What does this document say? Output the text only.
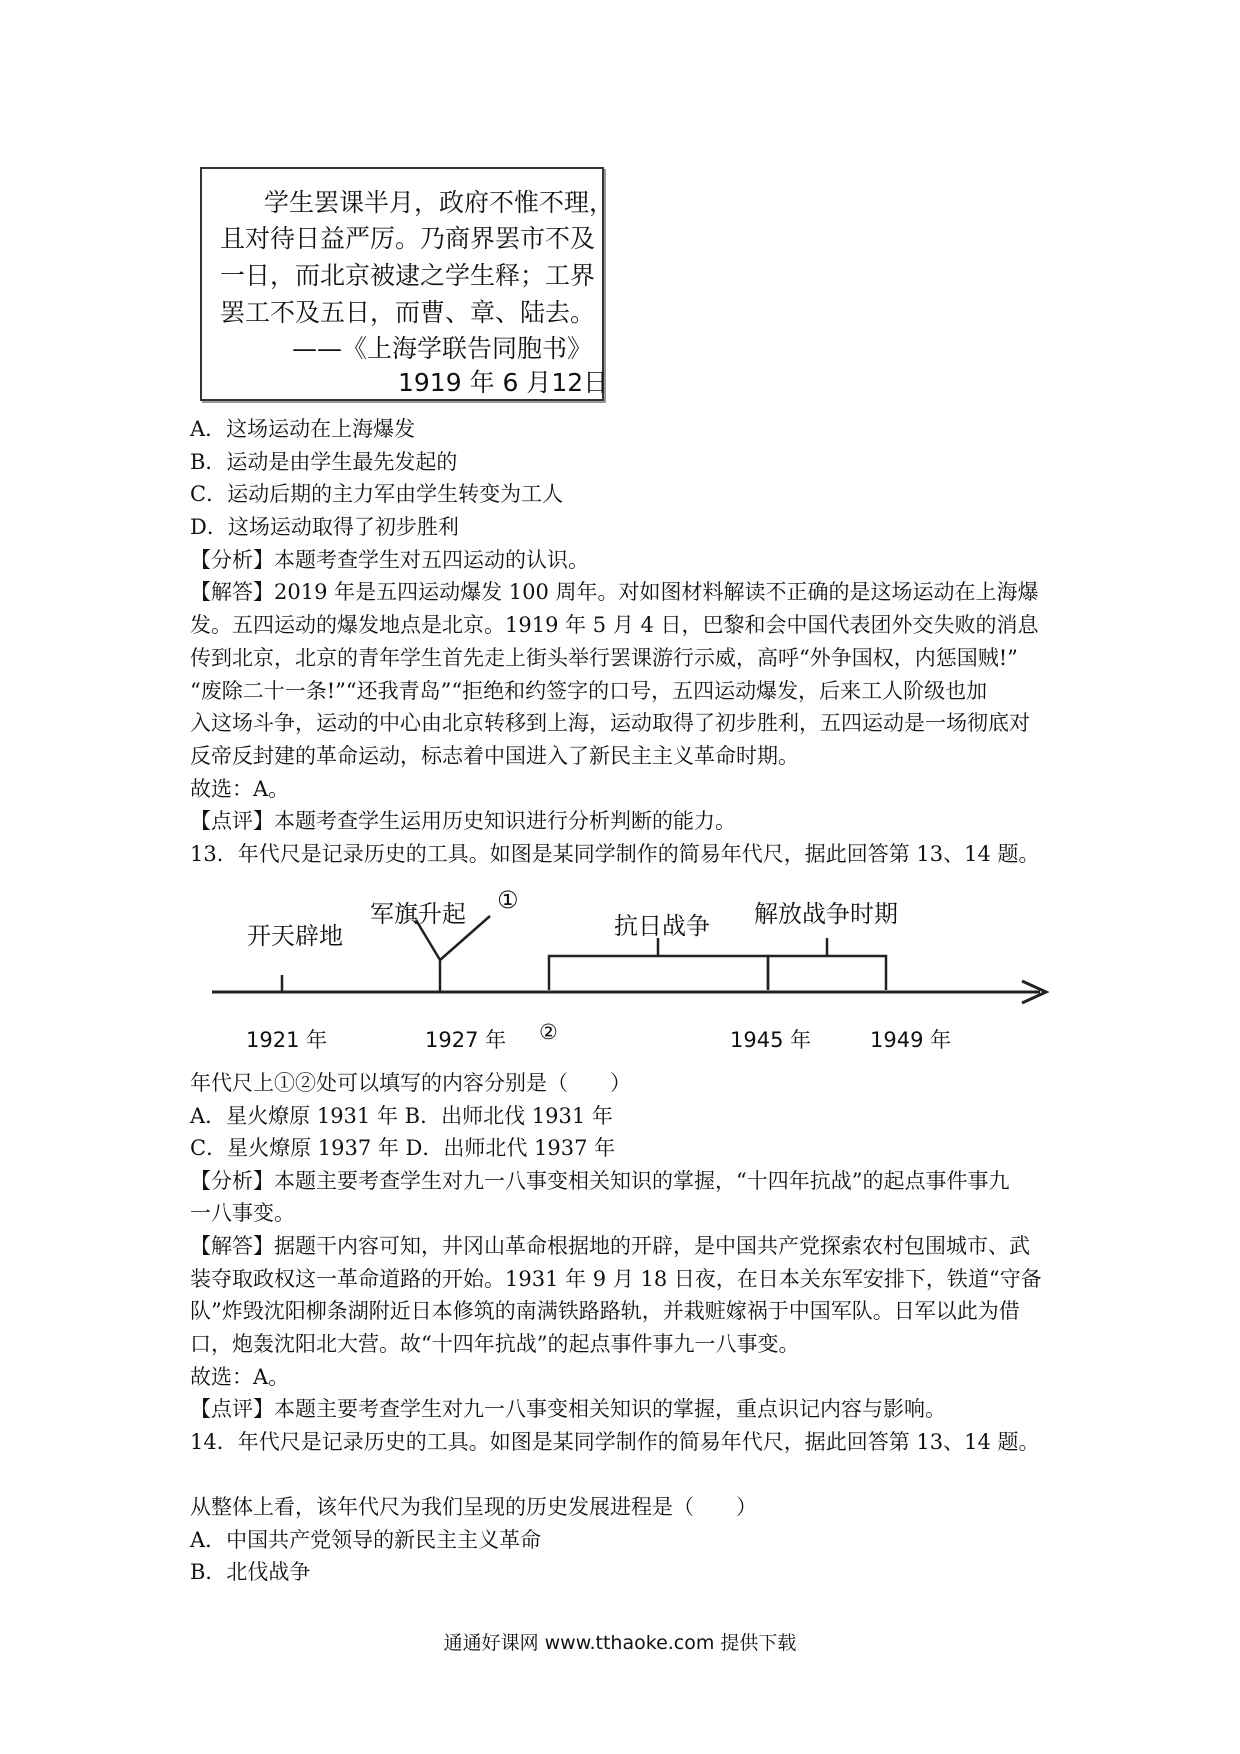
学生罢课半月，政府不惟不理，
且对待日益严厉。乃商界罢市不及
一日，而北京被逮之学生释；工界
罢工不及五日，而曹、章、陆去。
——《上海学联告同胞书》
1919 年 6 月12日
A．这场运动在上海爆发
B．运动是由学生最先发起的
C．运动后期的主力军由学生转变为工人
D．这场运动取得了初步胜利
【分析】本题考查学生对五四运动的认识。
【解答】2019 年是五四运动爆发 100 周年。对如图材料解读不正确的是这场运动在上海爆
发。五四运动的爆发地点是北京。1919 年 5 月 4 日，巴黎和会中国代表团外交失败的消息
传到北京，北京的青年学生首先走上街头举行罢课游行示威，高呼“外争国权，内惩国贼!”
“废除二十一条!”“还我青岛”“拒绝和约签字的口号，五四运动爆发，后来工人阶级也加
入这场斗争，运动的中心由北京转移到上海，运动取得了初步胜利，五四运动是一场彻底对
反帝反封建的革命运动，标志着中国进入了新民主主义革命时期。
故选：A。
【点评】本题考查学生运用历史知识进行分析判断的能力。
13．年代尺是记录历史的工具。如图是某同学制作的简易年代尺，据此回答第 13、14 题。
开天辟地
军旗升起 ①
抗日战争 解放战争时期
1921 年	1927 年 ②	1945 年	1949 年
年代尺上①②处可以填写的内容分别是（　　）
A．星火燎原 1931 年 B．出师北伐 1931 年
C．星火燎原 1937 年 D．出师北代 1937 年
【分析】本题主要考查学生对九一八事变相关知识的掌握，“十四年抗战”的起点事件事九
一八事变。
【解答】据题干内容可知，井冈山革命根据地的开辟，是中国共产党探索农村包围城市、武
装夺取政权这一革命道路的开始。1931 年 9 月 18 日夜，在日本关东军安排下，铁道“守备
队”炸毁沈阳柳条湖附近日本修筑的南满铁路路轨，并栽赃嫁祸于中国军队。日军以此为借
口，炮轰沈阳北大营。故“十四年抗战”的起点事件事九一八事变。
故选：A。
【点评】本题主要考查学生对九一八事变相关知识的掌握，重点识记内容与影响。
14．年代尺是记录历史的工具。如图是某同学制作的简易年代尺，据此回答第 13、14 题。
从整体上看，该年代尺为我们呈现的历史发展进程是（　　）
A．中国共产党领导的新民主主义革命
B．北伐战争
通通好课网 www.tthaoke.com 提供下载
